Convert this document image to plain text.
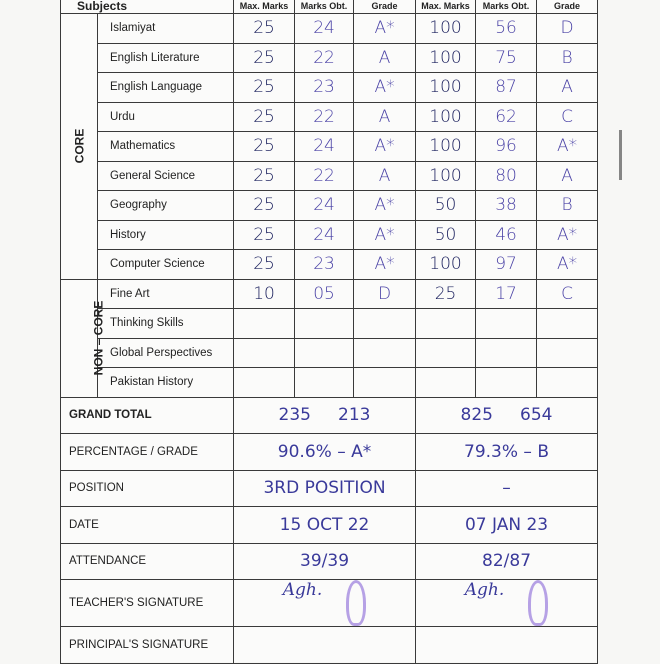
Subjects		Max. Marks	Marks Obt.	Grade	Max. Marks	Marks Obt.	Grade
CORE	Islamiyat	25	24	A*	100	56	D
	English Literature	25	22	A	100	75	B
	English Language	25	23	A*	100	87	A
	Urdu	25	22	A	100	62	C
	Mathematics	25	24	A*	100	96	A*
	General Science	25	22	A	100	80	A
	Geography	25	24	A*	50	38	B
	History	25	24	A*	50	46	A*
	Computer Science	25	23	A*	100	97	A*
NON – CORE	Fine Art	10	05	D	25	17	C
	Thinking Skills						
	Global Perspectives						
	Pakistan History						
GRAND TOTAL		235     213			825     654		
PERCENTAGE / GRADE		90.6% – A*			79.3% – B		
POSITION		3RD POSITION			–		
DATE		15 OCT 22			07 JAN 23		
ATTENDANCE		39/39			82/87		
TEACHER'S SIGNATURE		Agh.			Agh.		
PRINCIPAL'S SIGNATURE							
